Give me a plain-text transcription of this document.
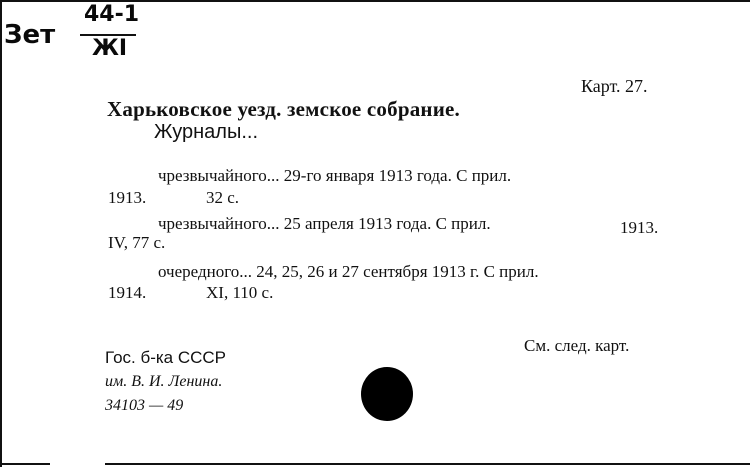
Зет
44-1
ЖI
Карт. 27.
Харьковское уезд. земское собрание.
Журналы...
чрезвычайного... 29-го января 1913 года. С прил.
1913.	32 с.
чрезвычайного... 25 апреля 1913 года. С прил.	1913.
IV, 77 с.
очередного... 24, 25, 26 и 27 сентября 1913 г. С прил.
1914.	XI, 110 с.
См. след. карт.
Гос. б-ка СССР
им. В. И. Ленина.
34103 — 49
